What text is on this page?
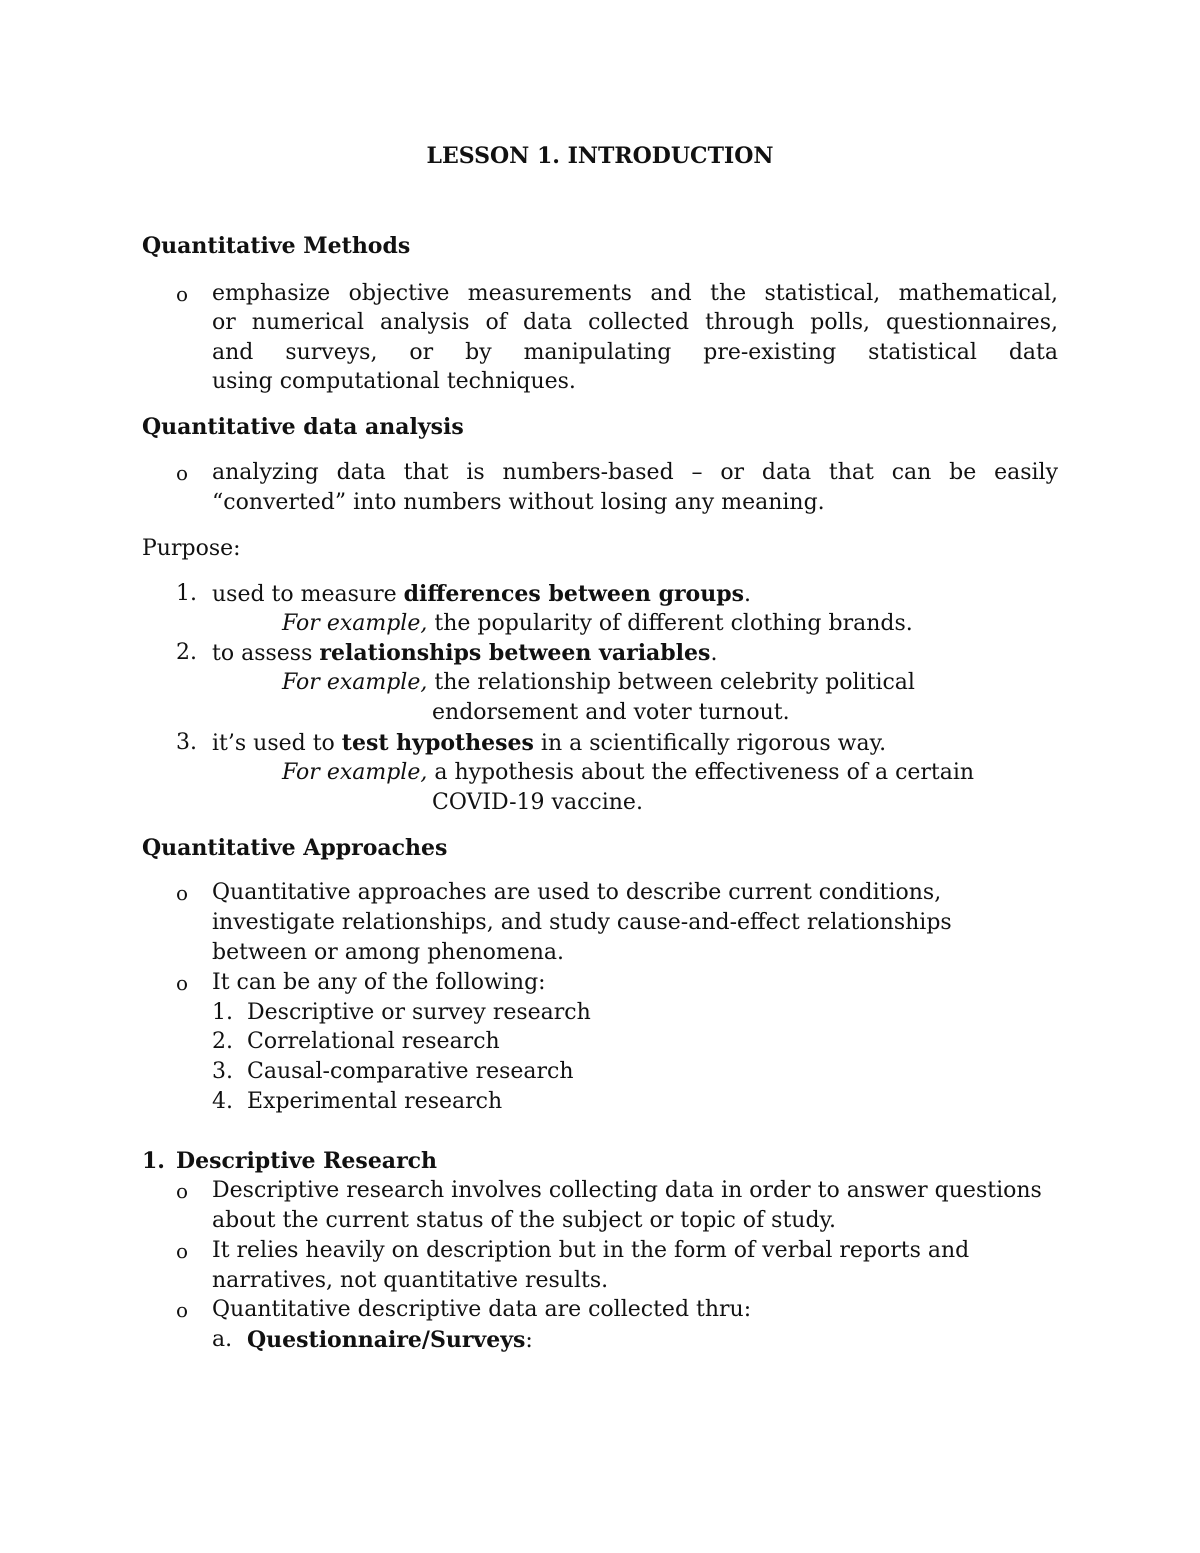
LESSON 1. INTRODUCTION
Quantitative Methods
o emphasize objective measurements and the statistical, mathematical,
or numerical analysis of data collected through polls, questionnaires,
and surveys, or by manipulating pre-existing statistical data
using computational techniques.
Quantitative data analysis
o analyzing data that is numbers-based – or data that can be easily
“converted” into numbers without losing any meaning.
Purpose:
1. used to measure differences between groups.
For example, the popularity of different clothing brands.
2. to assess relationships between variables.
For example, the relationship between celebrity political
endorsement and voter turnout.
3. it’s used to test hypotheses in a scientifically rigorous way.
For example, a hypothesis about the effectiveness of a certain
COVID-19 vaccine.
Quantitative Approaches
o Quantitative approaches are used to describe current conditions,
investigate relationships, and study cause-and-effect relationships
between or among phenomena.
o It can be any of the following:
1. Descriptive or survey research
2. Correlational research
3. Causal-comparative research
4. Experimental research
1. Descriptive Research
o Descriptive research involves collecting data in order to answer questions
about the current status of the subject or topic of study.
o It relies heavily on description but in the form of verbal reports and
narratives, not quantitative results.
o Quantitative descriptive data are collected thru:
a. Questionnaire/Surveys:
